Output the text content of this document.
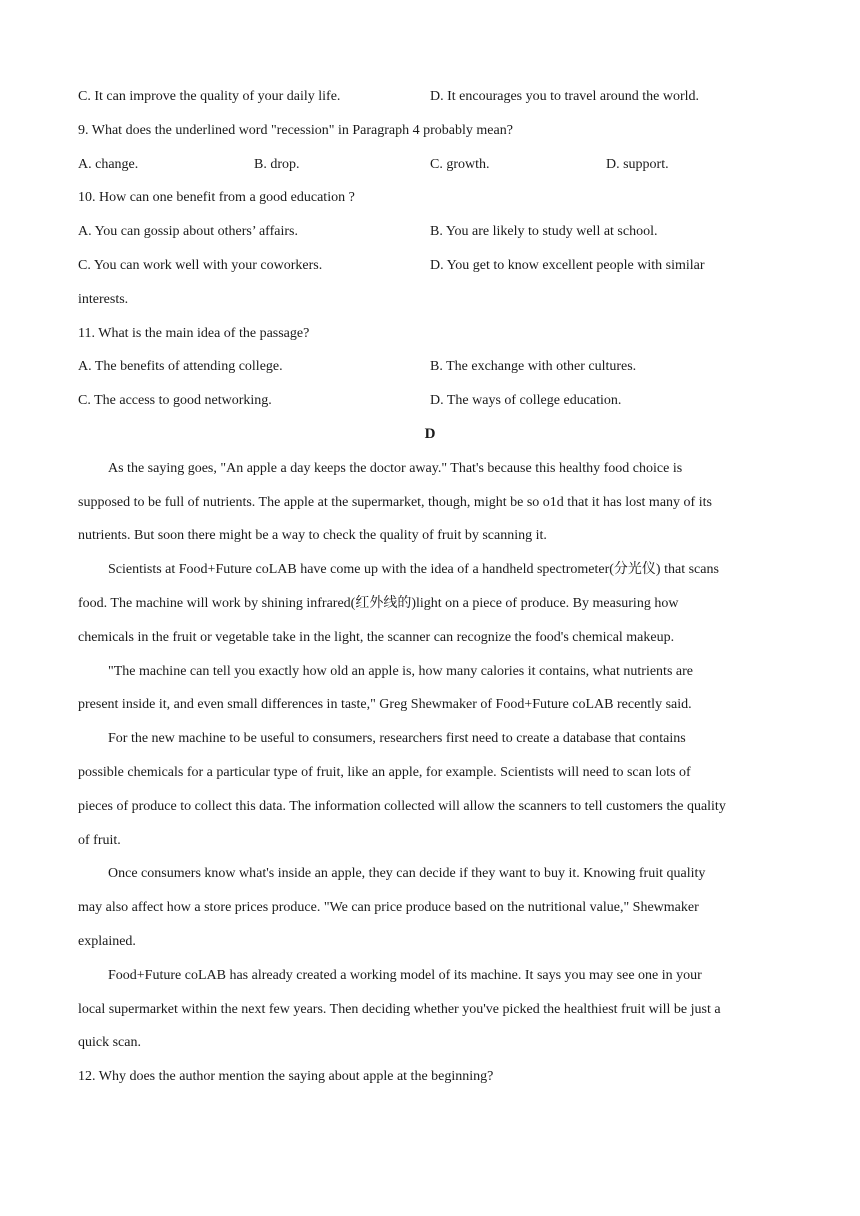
C. It can improve the quality of your daily life.	D. It encourages you to travel around the world.
9. What does the underlined word "recession" in Paragraph 4 probably mean?
A. change.	B. drop.	C. growth.	D. support.
10. How can one benefit from a good education ?
A. You can gossip about others’ affairs.	B. You are likely to study well at school.
C. You can work well with your coworkers.	D. You get to know excellent people with similar
interests.
11. What is the main idea of the passage?
A. The benefits of attending college.	B. The exchange with other cultures.
C. The access to good networking.	D. The ways of college education.
D
As the saying goes, "An apple a day keeps the doctor away." That's because this healthy food choice is
supposed to be full of nutrients. The apple at the supermarket, though, might be so o1d that it has lost many of its
nutrients. But soon there might be a way to check the quality of fruit by scanning it.
Scientists at Food+Future coLAB have come up with the idea of a handheld spectrometer(分光仪) that scans
food. The machine will work by shining infrared(红外线的)light on a piece of produce. By measuring how
chemicals in the fruit or vegetable take in the light, the scanner can recognize the food's chemical makeup.
"The machine can tell you exactly how old an apple is, how many calories it contains, what nutrients are
present inside it, and even small differences in taste," Greg Shewmaker of Food+Future coLAB recently said.
For the new machine to be useful to consumers, researchers first need to create a database that contains
possible chemicals for a particular type of fruit, like an apple, for example. Scientists will need to scan lots of
pieces of produce to collect this data. The information collected will allow the scanners to tell customers the quality
of fruit.
Once consumers know what's inside an apple, they can decide if they want to buy it. Knowing fruit quality
may also affect how a store prices produce. "We can price produce based on the nutritional value," Shewmaker
explained.
Food+Future coLAB has already created a working model of its machine. It says you may see one in your
local supermarket within the next few years. Then deciding whether you've picked the healthiest fruit will be just a
quick scan.
12. Why does the author mention the saying about apple at the beginning?
